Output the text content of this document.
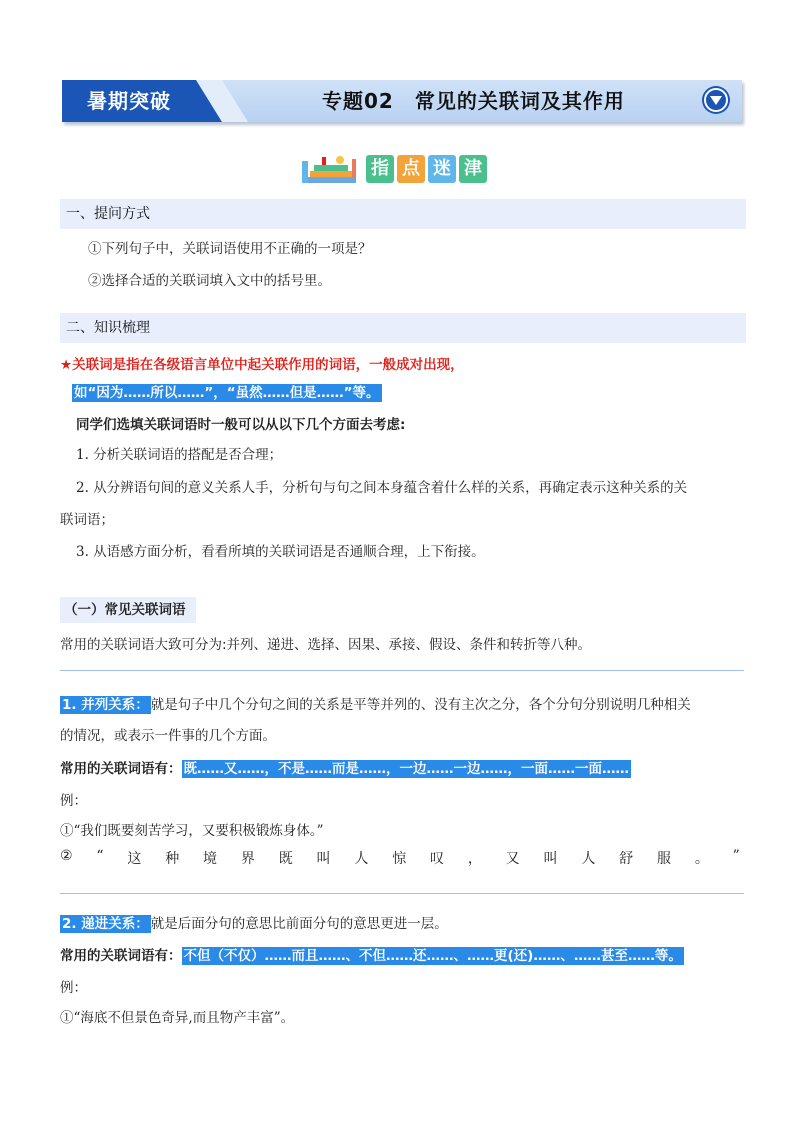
暑期突破	专题02　常见的关联词及其作用
指 点 迷 津
一、提问方式
①下列句子中，关联词语使用不正确的一项是？
②选择合适的关联词填入文中的括号里。
二、知识梳理
★关联词是指在各级语言单位中起关联作用的词语，一般成对出现，
如“因为……所以……”，“虽然……但是……”等。
同学们选填关联词语时一般可以从以下几个方面去考虑:
1. 分析关联词语的搭配是否合理；
2. 从分辨语句间的意义关系人手，分析句与句之间本身蕴含着什么样的关系，再确定表示这种关系的关
联词语；
3. 从语感方面分析，看看所填的关联词语是否通顺合理，上下衔接。
（一）常见关联词语
常用的关联词语大致可分为:并列、递进、选择、因果、承接、假设、条件和转折等八种。
1. 并列关系： 就是句子中几个分句之间的关系是平等并列的、没有主次之分，各个分句分别说明几种相关
的情况，或表示一件事的几个方面。
常用的关联词语有： 既……又……，不是……而是……，一边……一边……，一面……一面……
例：
①“我们既要刻苦学习，又要积极锻炼身体。”
② “ 这 种 境 界 既 叫 人 惊 叹 ， 又 叫 人 舒 服 。 ”
2. 递进关系： 就是后面分句的意思比前面分句的意思更进一层。
常用的关联词语有： 不但（不仅）……而且……、不但……还……、……更(还)……、……甚至……等。
例：
①“海底不但景色奇异,而且物产丰富”。
